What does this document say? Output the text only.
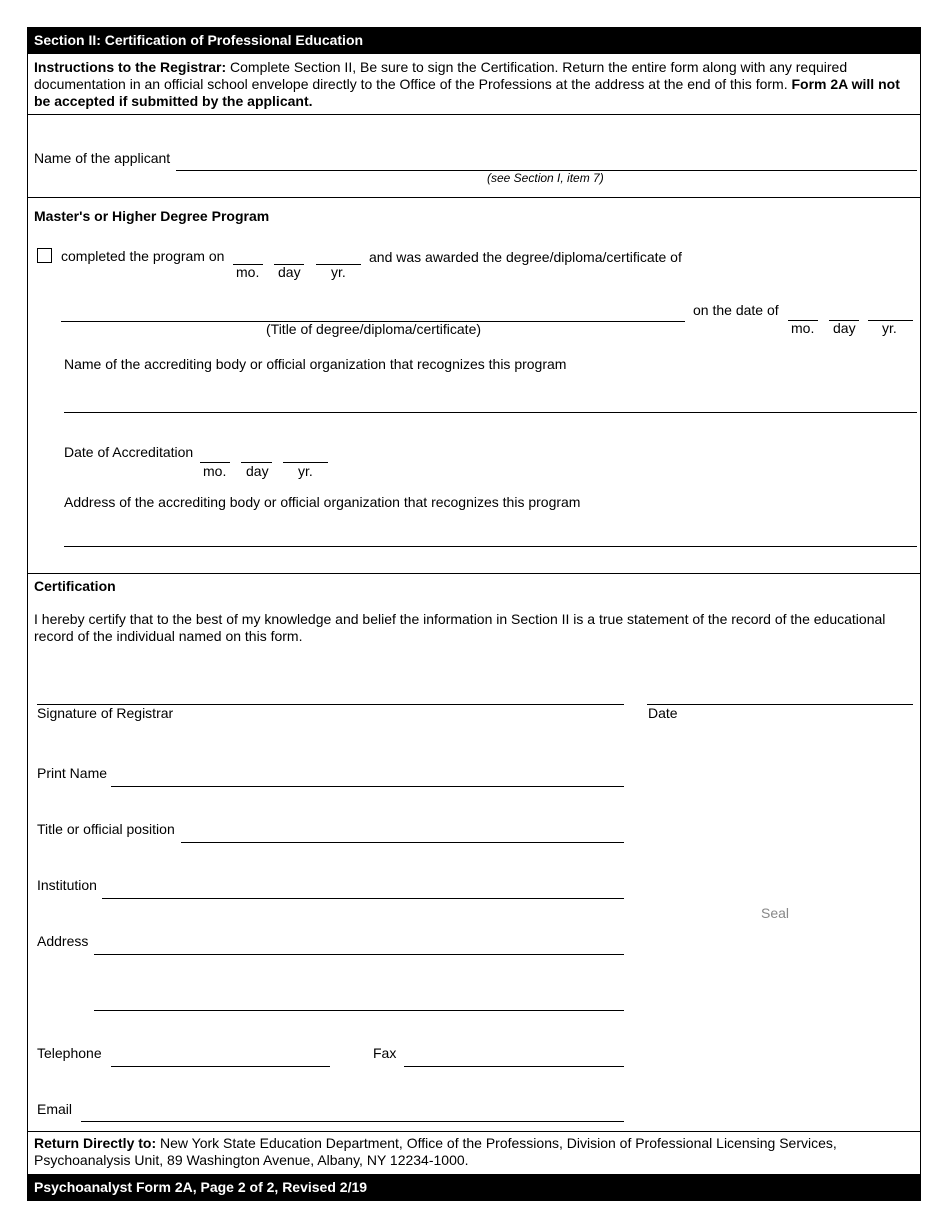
Section II: Certification of Professional Education
Instructions to the Registrar: Complete Section II, Be sure to sign the Certification. Return the entire form along with any required documentation in an official school envelope directly to the Office of the Professions at the address at the end of this form. Form 2A will not be accepted if submitted by the applicant.
Name of the applicant
(see Section I, item 7)
Master's or Higher Degree Program
completed the program on
mo. day yr.
and was awarded the degree/diploma/certificate of
(Title of degree/diploma/certificate)
on the date of
mo. day yr.
Name of the accrediting body or official organization that recognizes this program
Date of Accreditation
mo. day yr.
Address of the accrediting body or official organization that recognizes this program
Certification
I hereby certify that to the best of my knowledge and belief the information in Section II is a true statement of the record of the educational record of the individual named on this form.
Signature of Registrar	Date
Print Name
Title or official position
Institution
Seal
Address
Telephone	Fax
Email
Return Directly to: New York State Education Department, Office of the Professions, Division of Professional Licensing Services, Psychoanalysis Unit, 89 Washington Avenue, Albany, NY 12234-1000.
Psychoanalyst Form 2A, Page 2 of 2, Revised 2/19
